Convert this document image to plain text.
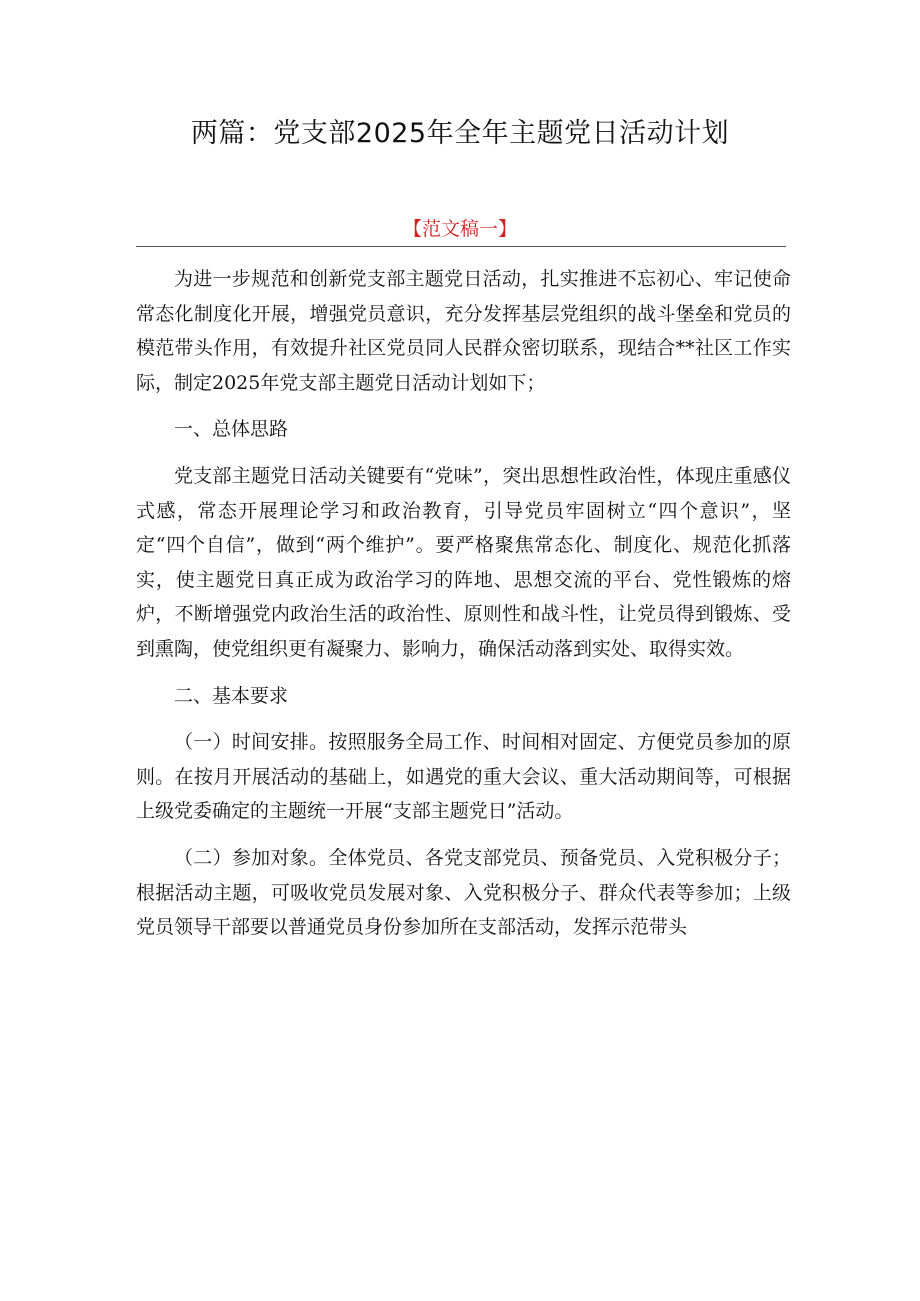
两篇：党支部2025年全年主题党日活动计划
【范文稿一】

为进一步规范和创新党支部主题党日活动，扎实推进不忘初心、牢记使命常态化制度化开展，增强党员意识，充分发挥基层党组织的战斗堡垒和党员的模范带头作用，有效提升社区党员同人民群众密切联系，现结合**社区工作实际，制定2025年党支部主题党日活动计划如下；

一、总体思路

党支部主题党日活动关键要有“党味”，突出思想性政治性，体现庄重感仪式感，常态开展理论学习和政治教育，引导党员牢固树立“四个意识”，坚定“四个自信”，做到“两个维护”。要严格聚焦常态化、制度化、规范化抓落实，使主题党日真正成为政治学习的阵地、思想交流的平台、党性锻炼的熔炉，不断增强党内政治生活的政治性、原则性和战斗性，让党员得到锻炼、受到熏陶，使党组织更有凝聚力、影响力，确保活动落到实处、取得实效。

二、基本要求

（一）时间安排。按照服务全局工作、时间相对固定、方便党员参加的原则。在按月开展活动的基础上，如遇党的重大会议、重大活动期间等，可根据上级党委确定的主题统一开展“支部主题党日”活动。

（二）参加对象。全体党员、各党支部党员、预备党员、入党积极分子；根据活动主题，可吸收党员发展对象、入党积极分子、群众代表等参加；上级党员领导干部要以普通党员身份参加所在支部活动，发挥示范带头
